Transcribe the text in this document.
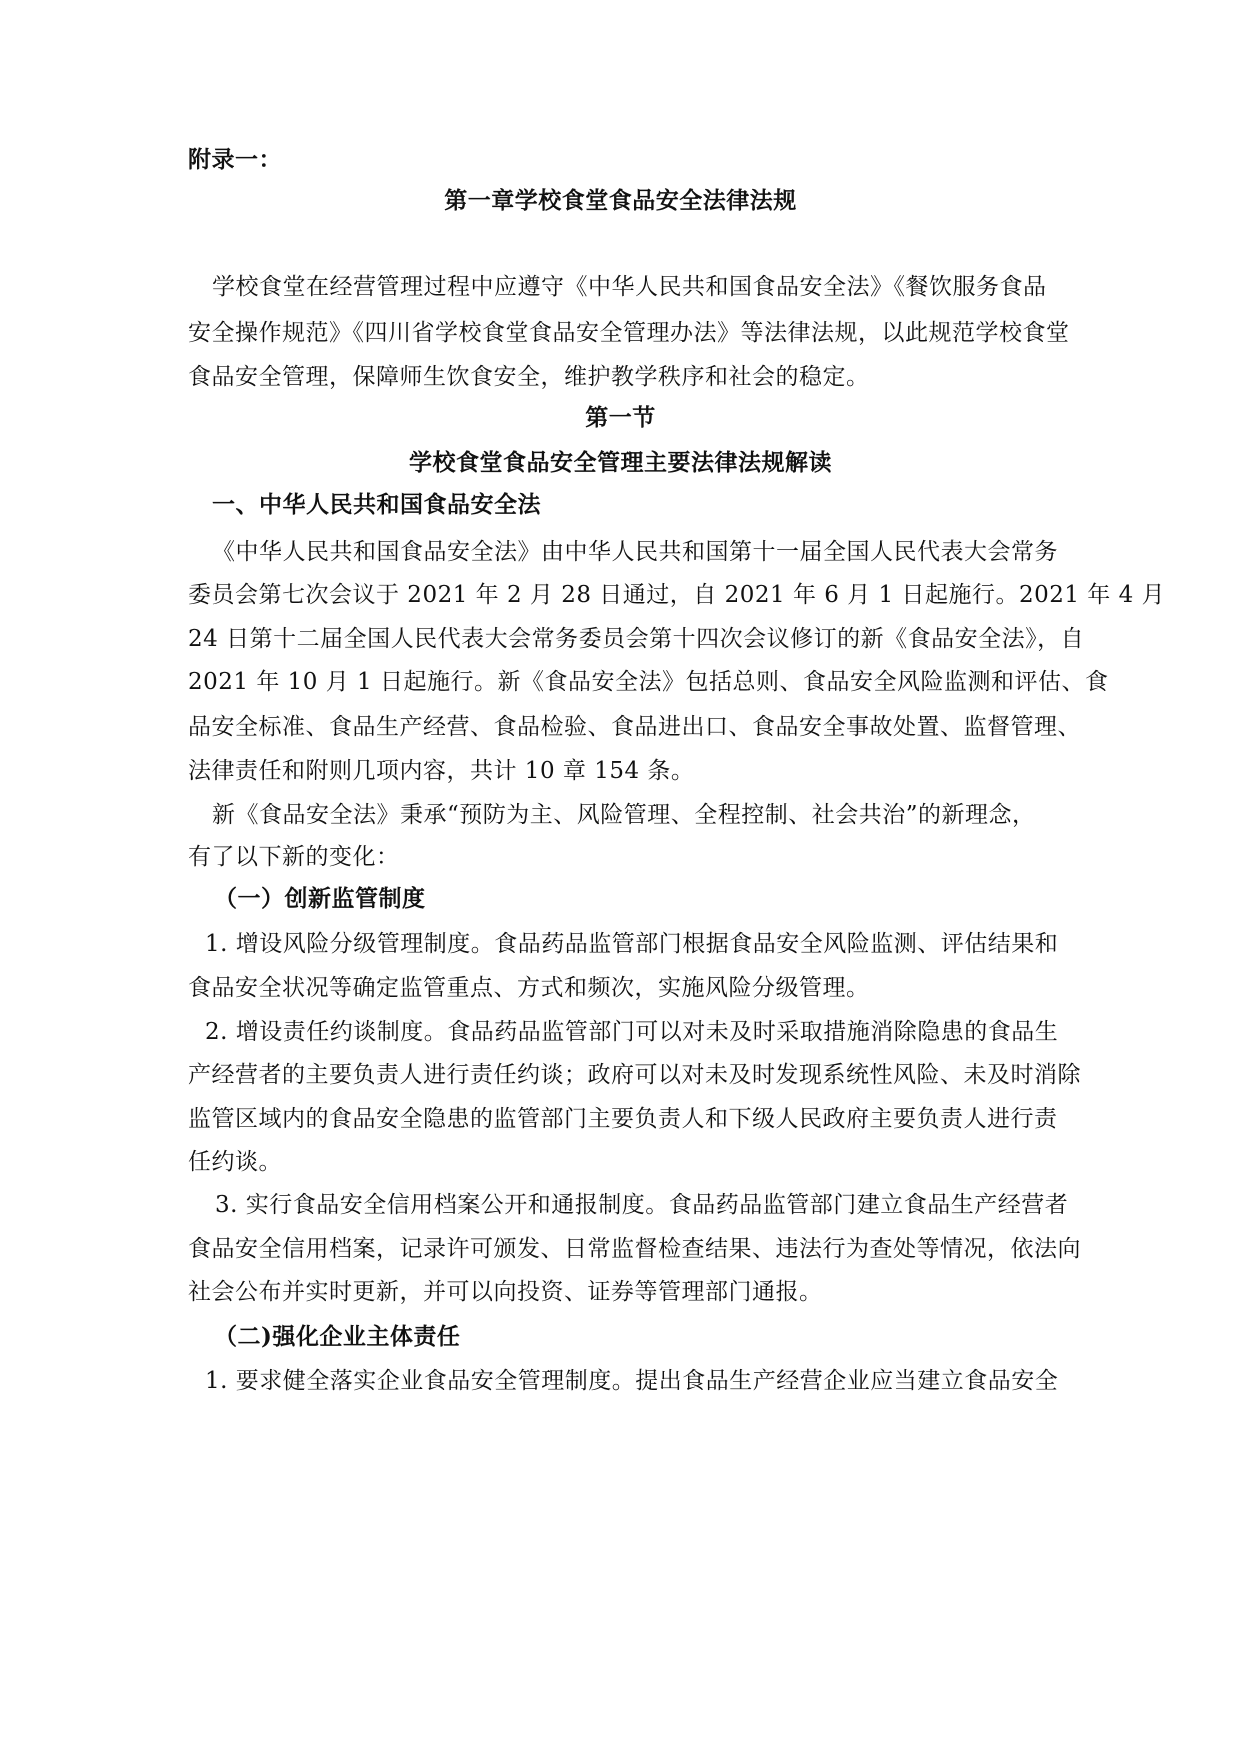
附录一：
第一章学校食堂食品安全法律法规
学校食堂在经营管理过程中应遵守《中华人民共和国食品安全法》《餐饮服务食品
安全操作规范》《四川省学校食堂食品安全管理办法》等法律法规，以此规范学校食堂
食品安全管理，保障师生饮食安全，维护教学秩序和社会的稳定。
第一节
学校食堂食品安全管理主要法律法规解读
一、中华人民共和国食品安全法
《中华人民共和国食品安全法》由中华人民共和国第十一届全国人民代表大会常务
委员会第七次会议于 2021 年 2 月 28 日通过，自 2021 年 6 月 1 日起施行。2021 年 4 月
24 日第十二届全国人民代表大会常务委员会第十四次会议修订的新《食品安全法》，自
2021 年 10 月 1 日起施行。新《食品安全法》包括总则、食品安全风险监测和评估、食
品安全标准、食品生产经营、食品检验、食品进出口、食品安全事故处置、监督管理、
法律责任和附则几项内容，共计 10 章 154 条。
新《食品安全法》秉承“预防为主、风险管理、全程控制、社会共治”的新理念，
有了以下新的变化：
（一）创新监管制度
1. 增设风险分级管理制度。食品药品监管部门根据食品安全风险监测、评估结果和
食品安全状况等确定监管重点、方式和频次，实施风险分级管理。
2. 增设责任约谈制度。食品药品监管部门可以对未及时采取措施消除隐患的食品生
产经营者的主要负责人进行责任约谈；政府可以对未及时发现系统性风险、未及时消除
监管区域内的食品安全隐患的监管部门主要负责人和下级人民政府主要负责人进行责
任约谈。
3. 实行食品安全信用档案公开和通报制度。食品药品监管部门建立食品生产经营者
食品安全信用档案，记录许可颁发、日常监督检查结果、违法行为查处等情况，依法向
社会公布并实时更新，并可以向投资、证券等管理部门通报。
（二)强化企业主体责任
1. 要求健全落实企业食品安全管理制度。提出食品生产经营企业应当建立食品安全
